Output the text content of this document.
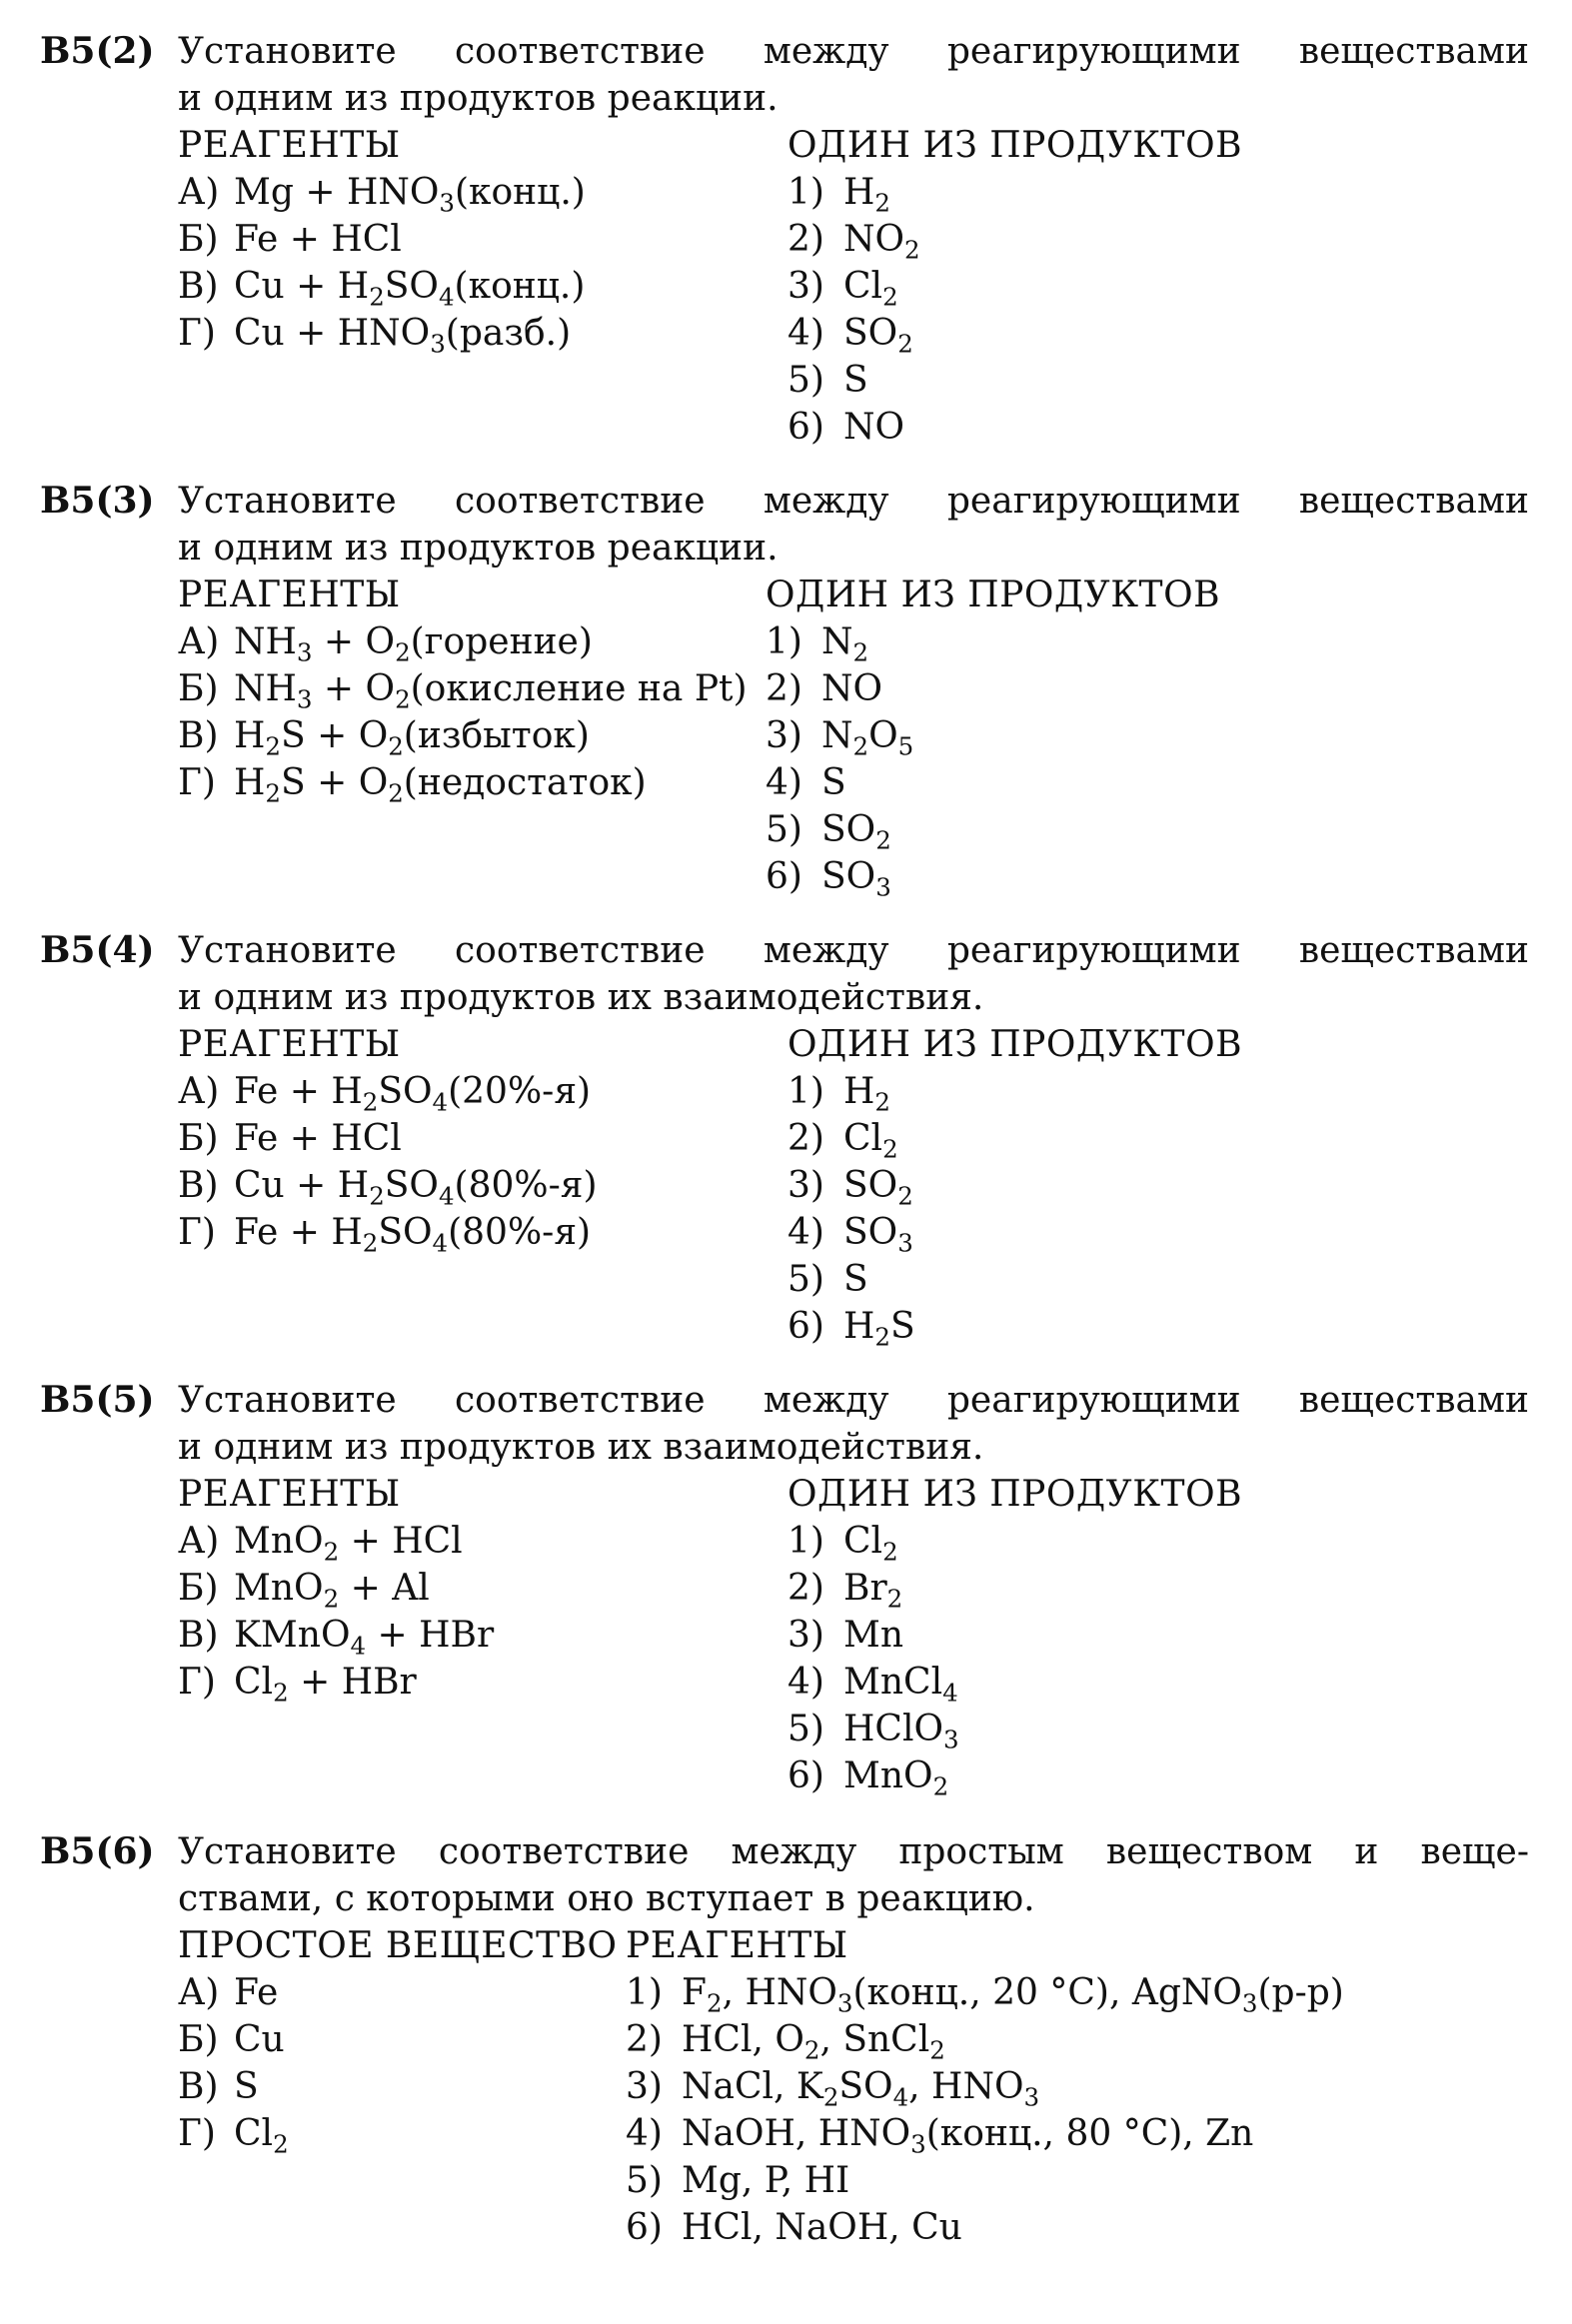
B5(2) Установите соответствие между реагирующими веществами
и одним из продуктов реакции.
РЕАГЕНТЫ
А) $Mg + HNO_3(конц.)$
Б) Fe + HCl
В) $Cu + H_2SO_4(конц.)$
Г) $Cu + HNO_3(разб.)$
ОДИН ИЗ ПРОДУКТОВ
1) $H_2$
2) $NO_2$
3) $Cl_2$
4) $SO_2$
5) S
6) NO
B5(3) Установите соответствие между реагирующими веществами
и одним из продуктов реакции.
РЕАГЕНТЫ
А) $NH_3$ + $O_2(горение)$
Б) $NH_3$ + $O_2(окисление$ на Pt)
В) $H_2S$ + $O_2(избыток)$
Г) $H_2S$ + $O_2(недостаток)$
ОДИН ИЗ ПРОДУКТОВ
1) $N_2$
2) NO
3) $N_2O_5$
4) S
5) $SO_2$
6) $SO_3$
B5(4) Установите соответствие между реагирующими веществами
и одним из продуктов их взаимодействия.
РЕАГЕНТЫ
А) $Fe + H_2SO_4(20\%-я)$
Б) Fe + HCl
В) $Cu + H_2SO_4(80\%-я)$
Г) $Fe + H_2SO_4(80\%-я)$
ОДИН ИЗ ПРОДУКТОВ
1) $H_2$
2) $Cl_2$
3) $SO_2$
4) $SO_3$
5) S
6) $H_2S$
B5(5) Установите соответствие между реагирующими веществами
и одним из продуктов их взаимодействия.
РЕАГЕНТЫ
А) MnO$_2$ + HCl
Б) MnO$_2$ + Al
В) KMnO$_4$ + HBr
Г) $Cl_2$ + HBr
ОДИН ИЗ ПРОДУКТОВ
1) $Cl_2$
2) $Br_2$
3) Mn
4) MnCl$_4$
5) HClO$_3$
6) MnO$_2$
B5(6) Установите соответствие между простым веществом и веще-
ствами, с которыми оно вступает в реакцию.
ПРОСТОЕ ВЕЩЕСТВО
А) Fe
Б) Cu
В) S
Г) $Cl_2$
РЕАГЕНТЫ
1) $F_2$, $HNO_3(конц$., 20 °C), AgNO$_3$(р-р)
2) HCl, $O_2$, SnCl$_2$
3) NaCl, $K_2SO_4$, $HNO_3$
4) NaOH, $HNO_3(конц$., 80 °C), Zn
5) Mg, P, HI
6) HCl, NaOH, Cu
